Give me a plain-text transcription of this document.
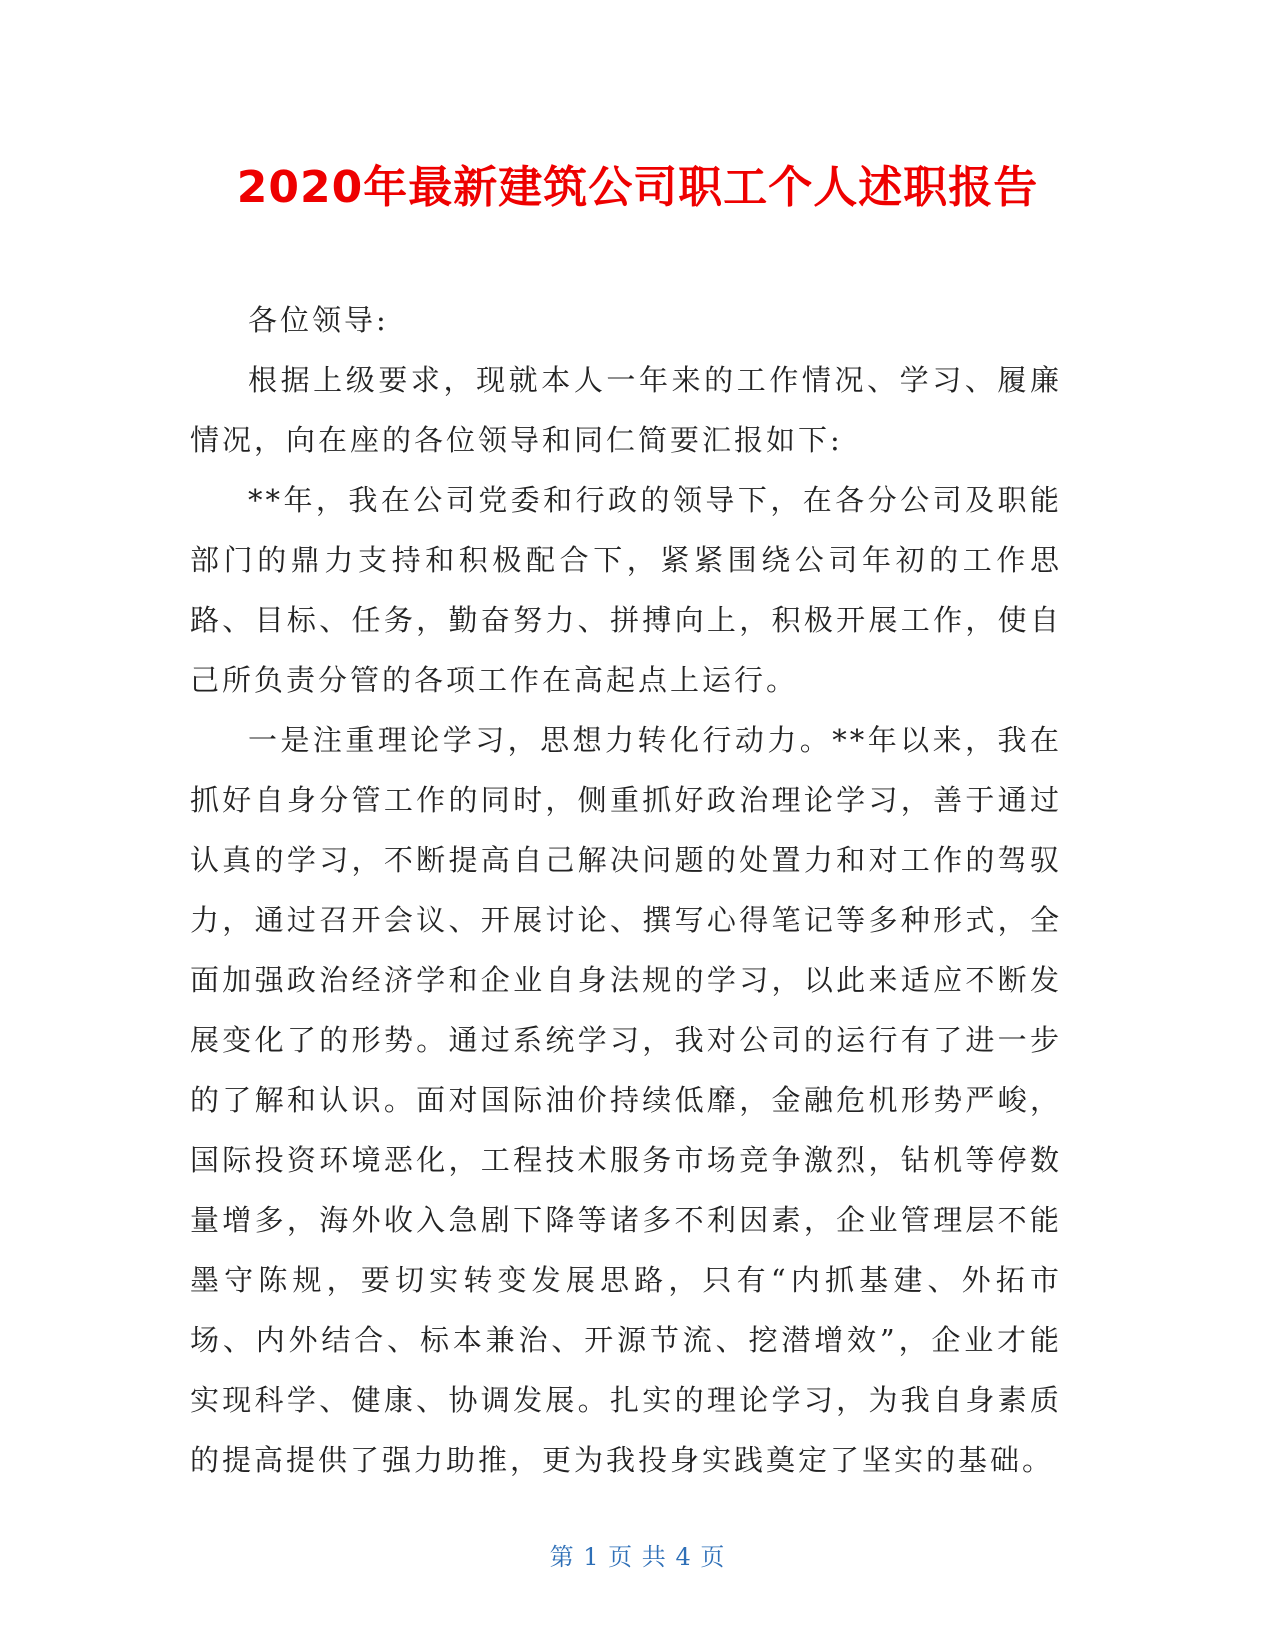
2020年最新建筑公司职工个人述职报告

各位领导:

根据上级要求，现就本人一年来的工作情况、学习、履廉情况，向在座的各位领导和同仁简要汇报如下:

**年，我在公司党委和行政的领导下，在各分公司及职能部门的鼎力支持和积极配合下，紧紧围绕公司年初的工作思路、目标、任务，勤奋努力、拼搏向上，积极开展工作，使自己所负责分管的各项工作在高起点上运行。

一是注重理论学习，思想力转化行动力。**年以来，我在抓好自身分管工作的同时，侧重抓好政治理论学习，善于通过认真的学习，不断提高自己解决问题的处置力和对工作的驾驭力，通过召开会议、开展讨论、撰写心得笔记等多种形式，全面加强政治经济学和企业自身法规的学习，以此来适应不断发展变化了的形势。通过系统学习，我对公司的运行有了进一步的了解和认识。面对国际油价持续低靡，金融危机形势严峻，国际投资环境恶化，工程技术服务市场竞争激烈，钻机等停数量增多，海外收入急剧下降等诸多不利因素，企业管理层不能墨守陈规，要切实转变发展思路，只有“内抓基建、外拓市场、内外结合、标本兼治、开源节流、挖潜增效”，企业才能实现科学、健康、协调发展。扎实的理论学习，为我自身素质的提高提供了强力助推，更为我投身实践奠定了坚实的基础。

第 1 页 共 4 页
